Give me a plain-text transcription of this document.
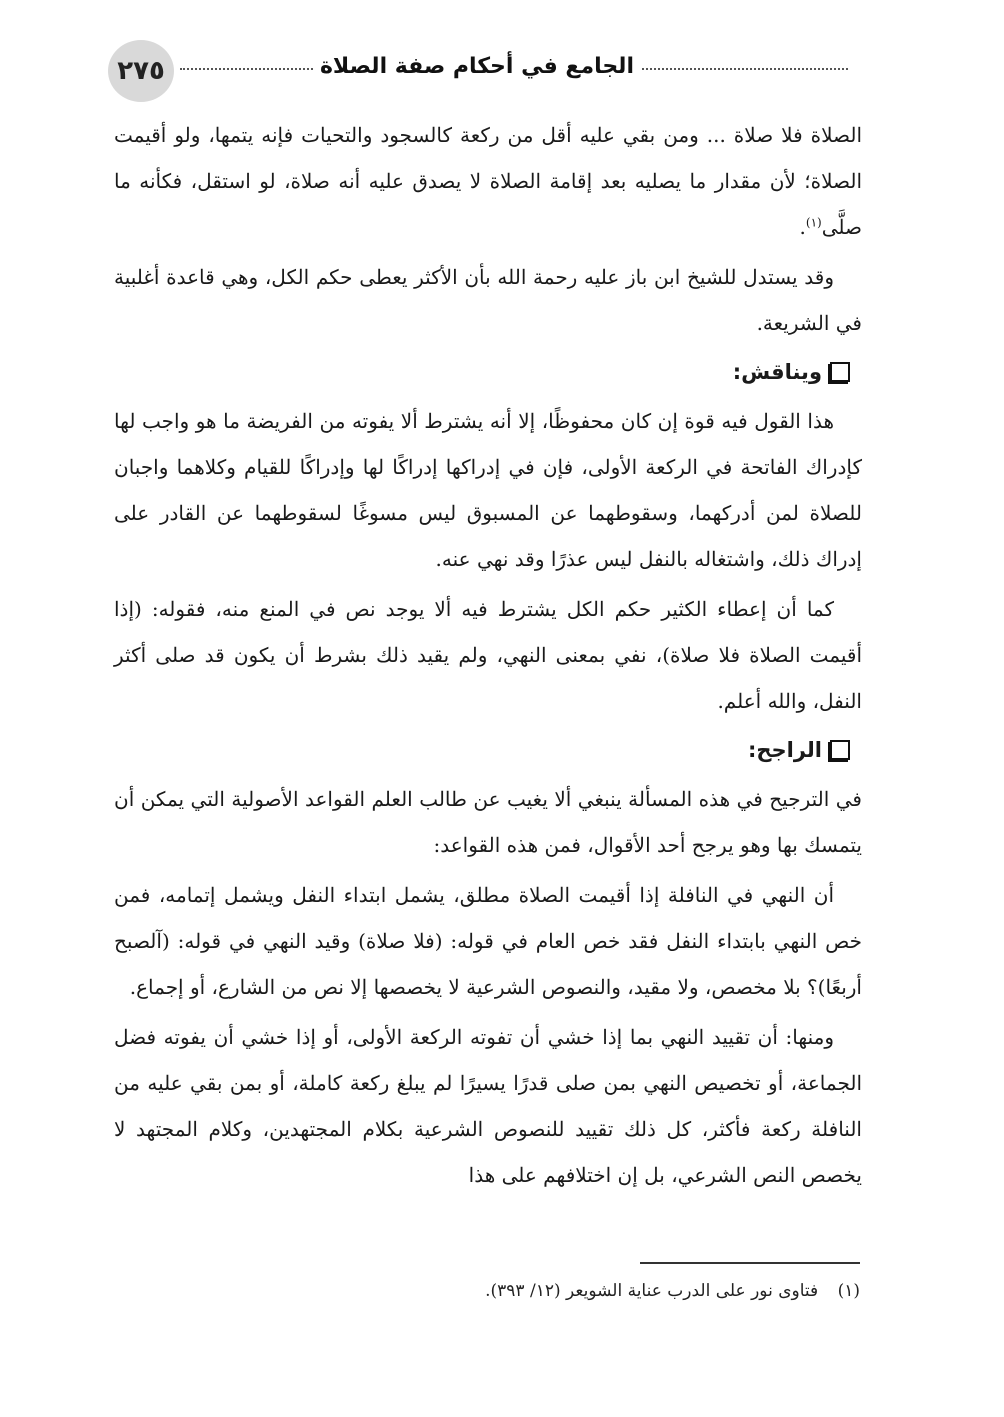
الجامع في أحكام صفة الصلاة
٢٧٥

الصلاة فلا صلاة ... ومن بقي عليه أقل من ركعة كالسجود والتحيات فإنه يتمها، ولو أقيمت الصلاة؛ لأن مقدار ما يصليه بعد إقامة الصلاة لا يصدق عليه أنه صلاة، لو استقل، فكأنه ما صلَّى$^{(١)}$.

وقد يستدل للشيخ ابن باز عليه رحمة الله بأن الأكثر يعطى حكم الكل، وهي قاعدة أغلبية في الشريعة.

ويناقش:

هذا القول فيه قوة إن كان محفوظًا، إلا أنه يشترط ألا يفوته من الفريضة ما هو واجب لها كإدراك الفاتحة في الركعة الأولى، فإن في إدراكها إدراكًا لها وإدراكًا للقيام وكلاهما واجبان للصلاة لمن أدركهما، وسقوطهما عن المسبوق ليس مسوغًا لسقوطهما عن القادر على إدراك ذلك، واشتغاله بالنفل ليس عذرًا وقد نهي عنه.

كما أن إعطاء الكثير حكم الكل يشترط فيه ألا يوجد نص في المنع منه، فقوله: (إذا أقيمت الصلاة فلا صلاة)، نفي بمعنى النهي، ولم يقيد ذلك بشرط أن يكون قد صلى أكثر النفل، والله أعلم.

الراجح:

في الترجيح في هذه المسألة ينبغي ألا يغيب عن طالب العلم القواعد الأصولية التي يمكن أن يتمسك بها وهو يرجح أحد الأقوال، فمن هذه القواعد:

أن النهي في النافلة إذا أقيمت الصلاة مطلق، يشمل ابتداء النفل ويشمل إتمامه، فمن خص النهي بابتداء النفل فقد خص العام في قوله: (فلا صلاة) وقيد النهي في قوله: (آلصبح أربعًا)؟ بلا مخصص، ولا مقيد، والنصوص الشرعية لا يخصصها إلا نص من الشارع، أو إجماع.

ومنها: أن تقييد النهي بما إذا خشي أن تفوته الركعة الأولى، أو إذا خشي أن يفوته فضل الجماعة، أو تخصيص النهي بمن صلى قدرًا يسيرًا لم يبلغ ركعة كاملة، أو بمن بقي عليه من النافلة ركعة فأكثر، كل ذلك تقييد للنصوص الشرعية بكلام المجتهدين، وكلام المجتهد لا يخصص النص الشرعي، بل إن اختلافهم على هذا

(١) فتاوى نور على الدرب عناية الشويعر (١٢/ ٣٩٣).
